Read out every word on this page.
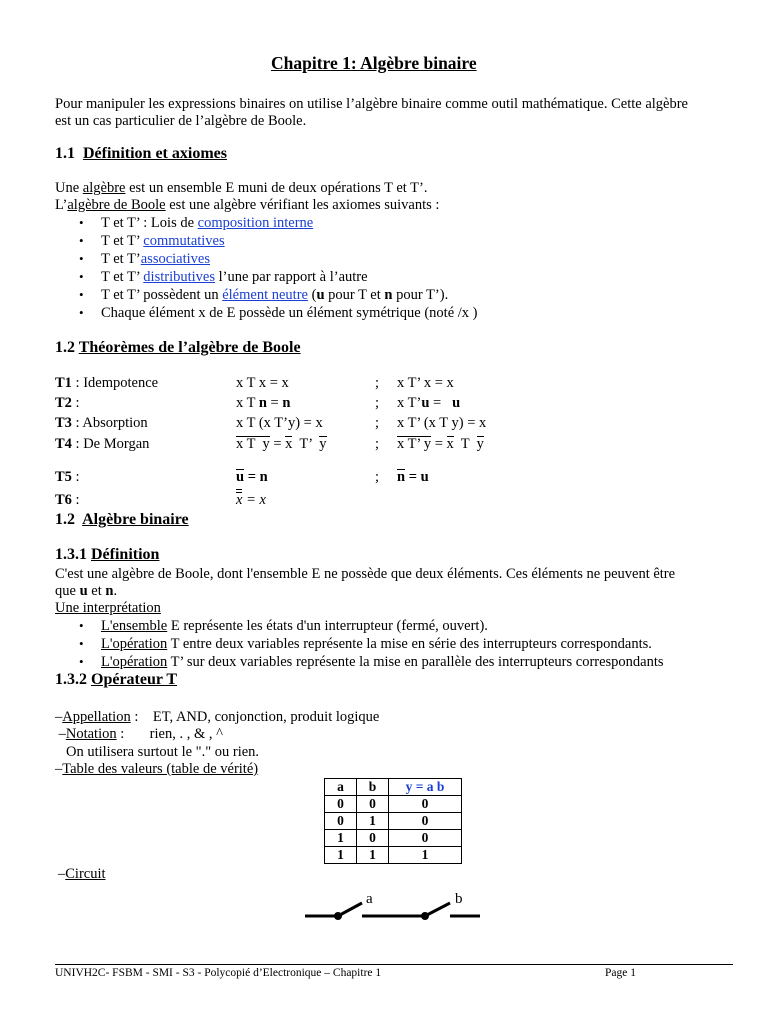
Chapitre 1: Algèbre binaire
Pour manipuler les expressions binaires on utilise l’algèbre binaire comme outil mathématique. Cette algèbre
est un cas particulier de l’algèbre de Boole.
1.1 Définition et axiomes
Une algèbre est un ensemble E muni de deux opérations T et T’.
L’algèbre de Boole est une algèbre vérifiant les axiomes suivants :
• T et T’ : Lois de composition interne
• T et T’ commutatives
• T et T’associatives
• T et T’ distributives l’une par rapport à l’autre
• T et T’ possèdent un élément neutre (u pour T et n pour T’).
• Chaque élément x de E possède un élément symétrique (noté /x )
1.2 Théorèmes de l’algèbre de Boole
T1 : Idempotence	x T x = x	; x T’ x = x
T2 :	x T n = n	; x T’u =   u
T3 : Absorption	x T (x T’y) = x	; x T’ (x T y) = x
T4 : De Morgan	x T  y = x  T’  y	; x T’ y = x  T  y
T5 :	u = n	; n = u
T6 :	x = x
1.2 Algèbre binaire
1.3.1 Définition
C'est une algèbre de Boole, dont l'ensemble E ne possède que deux éléments. Ces éléments ne peuvent être
que u et n.
Une interprétation
• L'ensemble E représente les états d'un interrupteur (fermé, ouvert).
• L'opération T entre deux variables représente la mise en série des interrupteurs correspondants.
• L'opération T’ sur deux variables représente la mise en parallèle des interrupteurs correspondants
1.3.2 Opérateur T
–Appellation :    ET, AND, conjonction, produit logique
–Notation :       rien, . , & , ^
On utilisera surtout le "." ou rien.
–Table des valeurs (table de vérité)
a	b	y = a b
0	0	0
0	1	0
1	0	0
1	1	1
–Circuit
a	b
UNIVH2C- FSBM - SMI - S3 - Polycopié d’Electronique – Chapitre 1	Page 1
